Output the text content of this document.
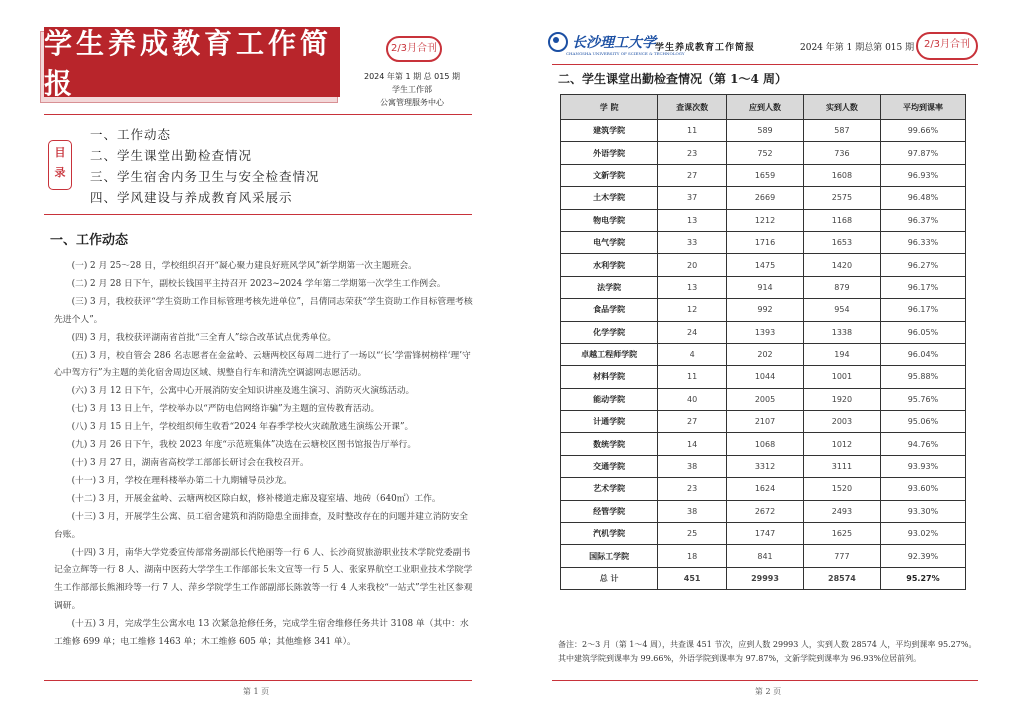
学生养成教育工作简报
2/3月合刊
2024 年第 1 期 总 015 期
学生工作部
公寓管理服务中心
目
录
一、工作动态
二、学生课堂出勤检查情况
三、学生宿舍内务卫生与安全检查情况
四、学风建设与养成教育风采展示
一、工作动态

(一) 2 月 25～28 日，学校组织召开“凝心聚力建良好班风学风”新学期第一次主题班会。

(二) 2 月 28 日下午，副校长钱国平主持召开 2023~2024 学年第二学期第一次学生工作例会。

(三) 3 月，我校获评“学生资助工作目标管理考核先进单位”，吕倩同志荣获“学生资助工作目标管理考核先进个人”。

(四) 3 月，我校获评湖南省首批“三全育人”综合改革试点优秀单位。

(五) 3 月，校自管会 286 名志愿者在金盆岭、云塘两校区每周二进行了一场以“‘长’学雷锋树榜样‘理’守心中驾方行”为主题的美化宿舍周边区域、规整自行车和清洗空调滤网志愿活动。

(六) 3 月 12 日下午，公寓中心开展消防安全知识讲座及逃生演习、消防灭火演练活动。

(七) 3 月 13 日上午，学校举办以“严防电信网络诈骗”为主题的宣传教育活动。

(八) 3 月 15 日上午，学校组织师生收看“2024 年春季学校火灾疏散逃生演练公开课”。

(九) 3 月 26 日下午，我校 2023 年度“示范班集体”决选在云塘校区图书馆报告厅举行。

(十) 3 月 27 日，湖南省高校学工部部长研讨会在我校召开。

(十一) 3 月，学校在理科楼举办第二十九期辅导员沙龙。

(十二) 3 月，开展金盆岭、云塘两校区除白蚁，修补楼道走廊及寝室墙、地砖（640㎡）工作。

(十三) 3 月，开展学生公寓、员工宿舍建筑和消防隐患全面排查，及时整改存在的问题并建立消防安全台账。

(十四) 3 月，南华大学党委宣传部常务副部长代艳丽等一行 6 人、长沙商贸旅游职业技术学院党委副书记金立辉等一行 8 人、湖南中医药大学学生工作部部长朱文宣等一行 5 人、张家界航空工业职业技术学院学生工作部部长熊湘玲等一行 7 人、萍乡学院学生工作部副部长陈敦等一行 4 人来我校“一站式”学生社区参观调研。

(十五) 3 月，完成学生公寓水电 13 次紧急抢修任务，完成学生宿舍维修任务共计 3108 单（其中：水工维修 699 单；电工维修 1463 单；木工维修 605 单；其他维修 341 单）。

第 1 页
长沙理工大学
CHANGSHA UNIVERSITY OF SCIENCE & TECHNOLOGY
学生养成教育工作简报	2024 年第 1 期总第 015 期 2/3月合刊
二、学生课堂出勤检查情况（第 1～4 周）
学 院	查课次数	应到人数	实到人数	平均到课率
建筑学院	11	589	587	99.66%
外语学院	23	752	736	97.87%
文新学院	27	1659	1608	96.93%
土木学院	37	2669	2575	96.48%
物电学院	13	1212	1168	96.37%
电气学院	33	1716	1653	96.33%
水利学院	20	1475	1420	96.27%
法学院	13	914	879	96.17%
食品学院	12	992	954	96.17%
化学学院	24	1393	1338	96.05%
卓越工程师学院	4	202	194	96.04%
材料学院	11	1044	1001	95.88%
能动学院	40	2005	1920	95.76%
计通学院	27	2107	2003	95.06%
数统学院	14	1068	1012	94.76%
交通学院	38	3312	3111	93.93%
艺术学院	23	1624	1520	93.60%
经管学院	38	2672	2493	93.30%
汽机学院	25	1747	1625	93.02%
国际工学院	18	841	777	92.39%
总 计	451	29993	28574	95.27%
备注：2～3 月（第 1～4 周），共查课 451 节次，应到人数 29993 人，实到人数 28574 人，平均到课率 95.27%。
其中建筑学院到课率为 99.66%，外语学院到课率为 97.87%，文新学院到课率为 96.93%位居前列。
第 2 页
